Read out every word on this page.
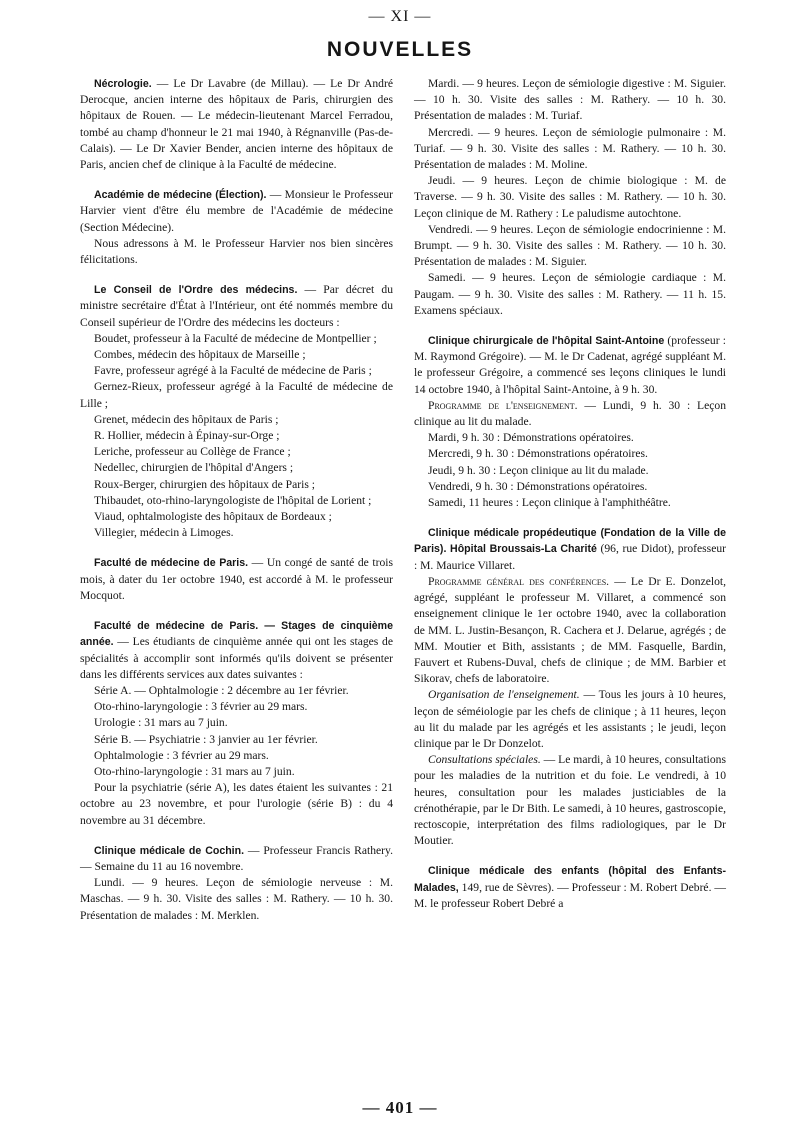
— XI —
NOUVELLES

Nécrologie. — Le Dr Lavabre (de Millau). — Le Dr André Derocque, ancien interne des hôpitaux de Paris, chirurgien des hôpitaux de Rouen. — Le médecin-lieutenant Marcel Ferradou, tombé au champ d'honneur le 21 mai 1940, à Régnanville (Pas-de-Calais). — Le Dr Xavier Bender, ancien interne des hôpitaux de Paris, ancien chef de clinique à la Faculté de médecine.

Académie de médecine (Élection). — Monsieur le Professeur Harvier vient d'être élu membre de l'Académie de médecine (Section Médecine).

Nous adressons à M. le Professeur Harvier nos bien sincères félicitations.

Le Conseil de l'Ordre des médecins. — Par décret du ministre secrétaire d'État à l'Intérieur, ont été nommés membre du Conseil supérieur de l'Ordre des médecins les docteurs :

Boudet, professeur à la Faculté de médecine de Montpellier ;

Combes, médecin des hôpitaux de Marseille ;

Favre, professeur agrégé à la Faculté de médecine de Paris ;

Gernez-Rieux, professeur agrégé à la Faculté de médecine de Lille ;

Grenet, médecin des hôpitaux de Paris ;

R. Hollier, médecin à Épinay-sur-Orge ;

Leriche, professeur au Collège de France ;

Nedellec, chirurgien de l'hôpital d'Angers ;

Roux-Berger, chirurgien des hôpitaux de Paris ;

Thibaudet, oto-rhino-laryngologiste de l'hôpital de Lorient ;

Viaud, ophtalmologiste des hôpitaux de Bordeaux ;

Villegier, médecin à Limoges.

Faculté de médecine de Paris. — Un congé de santé de trois mois, à dater du 1er octobre 1940, est accordé à M. le professeur Mocquot.

Faculté de médecine de Paris. — Stages de cinquième année. — Les étudiants de cinquième année qui ont les stages de spécialités à accomplir sont informés qu'ils doivent se présenter dans les différents services aux dates suivantes :

Série A. — Ophtalmologie : 2 décembre au 1er février.

Oto-rhino-laryngologie : 3 février au 29 mars.

Urologie : 31 mars au 7 juin.

Série B. — Psychiatrie : 3 janvier au 1er février.

Ophtalmologie : 3 février au 29 mars.

Oto-rhino-laryngologie : 31 mars au 7 juin.

Pour la psychiatrie (série A), les dates étaient les suivantes : 21 octobre au 23 novembre, et pour l'urologie (série B) : du 4 novembre au 31 décembre.

Clinique médicale de Cochin. — Professeur Francis Rathery. — Semaine du 11 au 16 novembre.

Lundi. — 9 heures. Leçon de sémiologie nerveuse : M. Maschas. — 9 h. 30. Visite des salles : M. Rathery. — 10 h. 30. Présentation de malades : M. Merklen.

Mardi. — 9 heures. Leçon de sémiologie digestive : M. Siguier. — 10 h. 30. Visite des salles : M. Rathery. — 10 h. 30. Présentation de malades : M. Turiaf.

Mercredi. — 9 heures. Leçon de sémiologie pulmonaire : M. Turiaf. — 9 h. 30. Visite des salles : M. Rathery. — 10 h. 30. Présentation de malades : M. Moline.

Jeudi. — 9 heures. Leçon de chimie biologique : M. de Traverse. — 9 h. 30. Visite des salles : M. Rathery. — 10 h. 30. Leçon clinique de M. Rathery : Le paludisme autochtone.

Vendredi. — 9 heures. Leçon de sémiologie endocrinienne : M. Brumpt. — 9 h. 30. Visite des salles : M. Rathery. — 10 h. 30. Présentation de malades : M. Siguier.

Samedi. — 9 heures. Leçon de sémiologie cardiaque : M. Paugam. — 9 h. 30. Visite des salles : M. Rathery. — 11 h. 15. Examens spéciaux.

Clinique chirurgicale de l'hôpital Saint-Antoine (professeur : M. Raymond Grégoire). — M. le Dr Cadenat, agrégé suppléant M. le professeur Grégoire, a commencé ses leçons cliniques le lundi 14 octobre 1940, à l'hôpital Saint-Antoine, à 9 h. 30.

Programme de l'enseignement. — Lundi, 9 h. 30 : Leçon clinique au lit du malade.

Mardi, 9 h. 30 : Démonstrations opératoires.

Mercredi, 9 h. 30 : Démonstrations opératoires.

Jeudi, 9 h. 30 : Leçon clinique au lit du malade.

Vendredi, 9 h. 30 : Démonstrations opératoires.

Samedi, 11 heures : Leçon clinique à l'amphithéâtre.

Clinique médicale propédeutique (Fondation de la Ville de Paris). Hôpital Broussais-La Charité (96, rue Didot), professeur : M. Maurice Villaret.

Programme général des conférences. — Le Dr E. Donzelot, agrégé, suppléant le professeur M. Villaret, a commencé son enseignement clinique le 1er octobre 1940, avec la collaboration de MM. L. Justin-Besançon, R. Cachera et J. Delarue, agrégés ; de MM. Moutier et Bith, assistants ; de MM. Fasquelle, Bardin, Fauvert et Rubens-Duval, chefs de clinique ; de MM. Barbier et Sikorav, chefs de laboratoire.

Organisation de l'enseignement. — Tous les jours à 10 heures, leçon de séméiologie par les chefs de clinique ; à 11 heures, leçon au lit du malade par les agrégés et les assistants ; le jeudi, leçon clinique par le Dr Donzelot.

Consultations spéciales. — Le mardi, à 10 heures, consultations pour les maladies de la nutrition et du foie. Le vendredi, à 10 heures, consultation pour les malades justiciables de la crénothérapie, par le Dr Bith. Le samedi, à 10 heures, gastroscopie, rectoscopie, interprétation des films radiologiques, par le Dr Moutier.

Clinique médicale des enfants (hôpital des Enfants-Malades, 149, rue de Sèvres). — Professeur : M. Robert Debré. — M. le professeur Robert Debré a

— 401 —
